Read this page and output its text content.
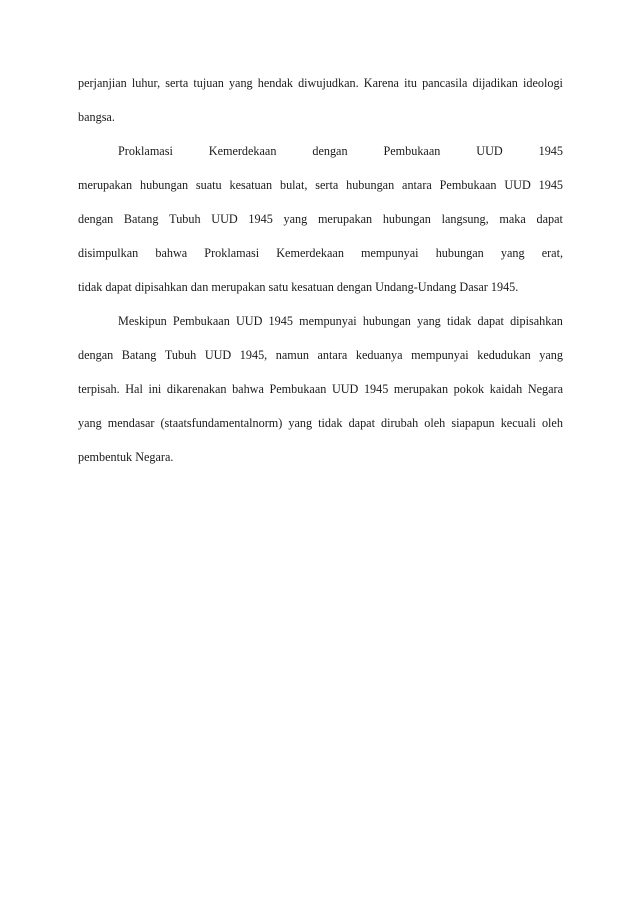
perjanjian luhur, serta tujuan yang hendak diwujudkan. Karena itu pancasila dijadikan ideologi
bangsa.
Proklamasi	Kemerdekaan	dengan	Pembukaan	UUD	1945
merupakan hubungan suatu kesatuan bulat, serta hubungan antara Pembukaan UUD 1945
dengan Batang Tubuh UUD 1945 yang merupakan hubungan langsung, maka dapat
disimpulkan bahwa Proklamasi Kemerdekaan mempunyai hubungan yang erat,
tidak dapat dipisahkan dan merupakan satu kesatuan dengan Undang-Undang Dasar 1945.
Meskipun Pembukaan UUD 1945 mempunyai hubungan yang tidak dapat dipisahkan
dengan Batang Tubuh UUD 1945, namun antara keduanya mempunyai kedudukan yang
terpisah. Hal ini dikarenakan bahwa Pembukaan UUD 1945 merupakan pokok kaidah Negara
yang mendasar (staatsfundamentalnorm) yang tidak dapat dirubah oleh siapapun kecuali oleh
pembentuk Negara.
